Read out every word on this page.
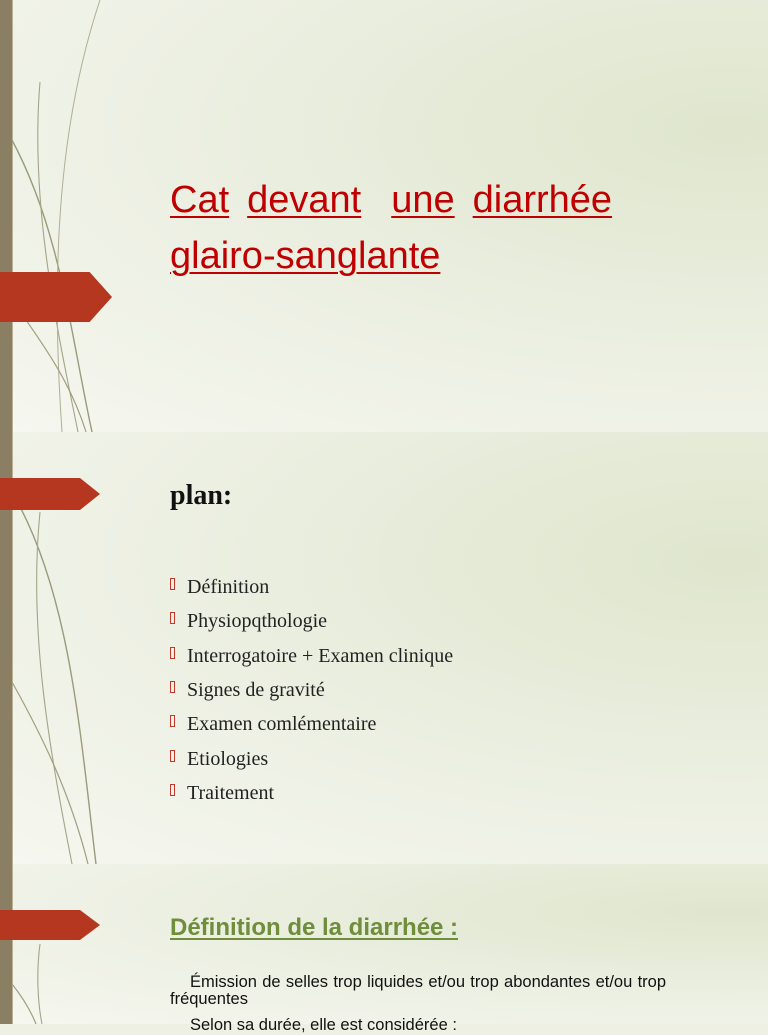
Cat devant une diarrhée
glairo-sanglante
plan:
Définition
Physiopqthologie
Interrogatoire + Examen clinique
Signes de gravité
Examen comlémentaire
Etiologies
Traitement
Définition de la diarrhée :

Émission de selles trop liquides et/ou trop abondantes et/ou trop fréquentes

Selon sa durée, elle est considérée :
